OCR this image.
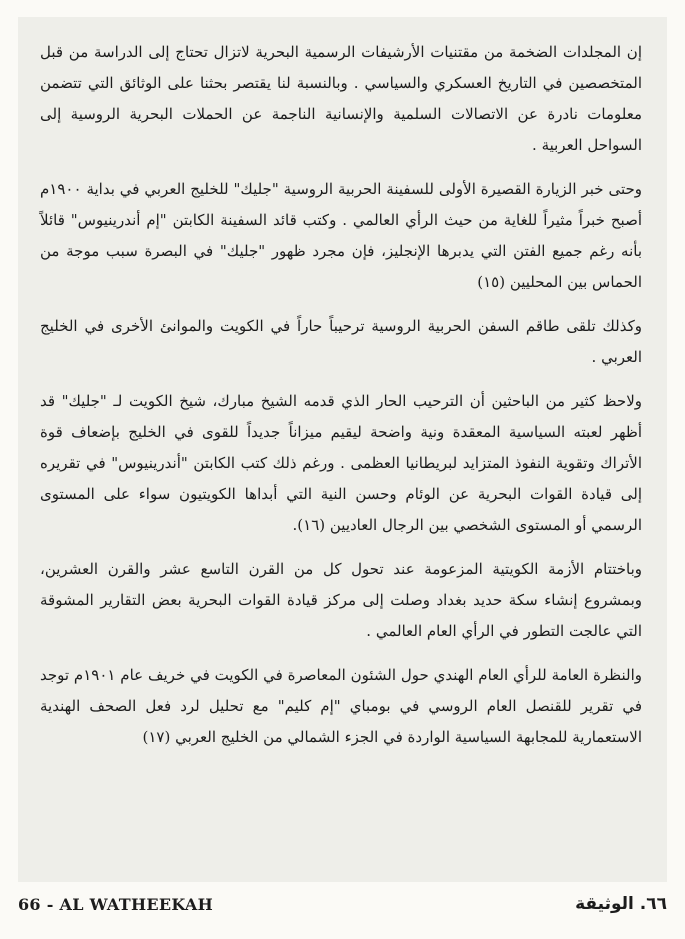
إن المجلدات الضخمة من مقتنيات الأرشيفات الرسمية البحرية لاتزال تحتاج إلى الدراسة من قبل المتخصصين في التاريخ العسكري والسياسي . وبالنسبة لنا يقتصر بحثنا على الوثائق التي تتضمن معلومات نادرة عن الاتصالات السلمية والإنسانية الناجمة عن الحملات البحرية الروسية إلى السواحل العربية .

وحتى خبر الزيارة القصيرة الأولى للسفينة الحربية الروسية "جليك" للخليج العربي في بداية ١٩٠٠م أصبح خبراً مثيراً للغاية من حيث الرأي العالمي . وكتب قائد السفينة الكابتن "إم أندرينيوس" قائلاً بأنه رغم جميع الفتن التي يدبرها الإنجليز، فإن مجرد ظهور "جليك" في البصرة سبب موجة من الحماس بين المحليين (١٥)

وكذلك تلقى طاقم السفن الحربية الروسية ترحيباً حاراً في الكويت والموانئ الأخرى في الخليج العربي .

ولاحظ كثير من الباحثين أن الترحيب الحار الذي قدمه الشيخ مبارك، شيخ الكويت لـ "جليك" قد أظهر لعبته السياسية المعقدة ونية واضحة ليقيم ميزاناً جديداً للقوى في الخليج بإضعاف قوة الأتراك وتقوية النفوذ المتزايد لبريطانيا العظمى . ورغم ذلك كتب الكابتن "أندرينيوس" في تقريره إلى قيادة القوات البحرية عن الوئام وحسن النية التي أبداها الكويتيون سواء على المستوى الرسمي أو المستوى الشخصي بين الرجال العاديين (١٦).

وباختتام الأزمة الكويتية المزعومة عند تحول كل من القرن التاسع عشر والقرن العشرين، وبمشروع إنشاء سكة حديد بغداد وصلت إلى مركز قيادة القوات البحرية بعض التقارير المشوقة التي عالجت التطور في الرأي العام العالمي .

والنظرة العامة للرأي العام الهندي حول الشئون المعاصرة في الكويت في خريف عام ١٩٠١م توجد في تقرير للقنصل العام الروسي في بومباي "إم كليم" مع تحليل لرد فعل الصحف الهندية الاستعمارية للمجابهة السياسية الواردة في الجزء الشمالي من الخليج العربي (١٧)

66 - AL WATHEEKAH	٦٦. الوثيقة
